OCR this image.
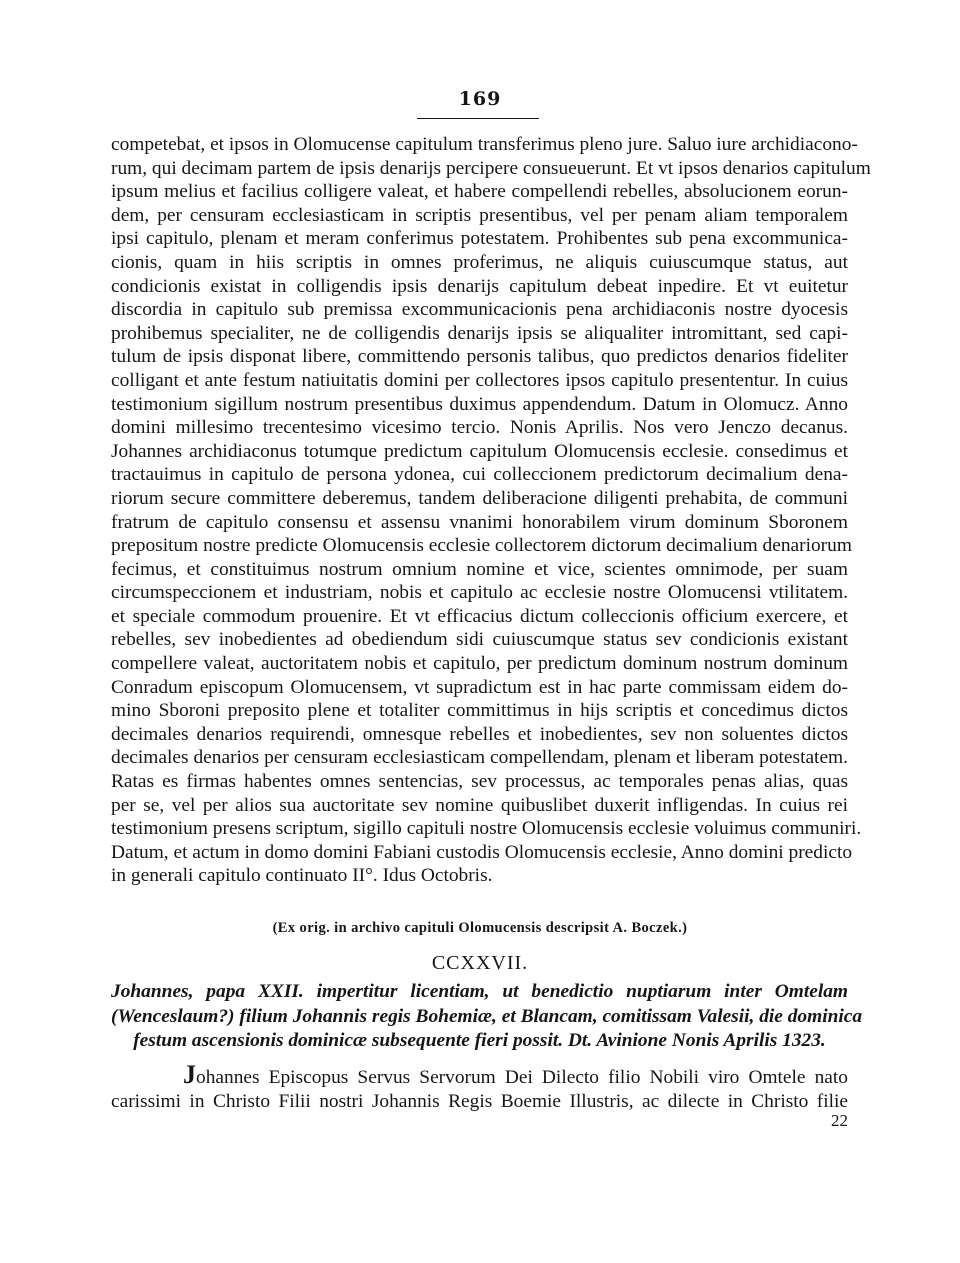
169
competebat, et ipsos in Olomucense capitulum transferimus pleno jure. Saluo iure archidiacono-
rum, qui decimam partem de ipsis denarijs percipere consueuerunt. Et vt ipsos denarios capitulum
ipsum melius et facilius colligere valeat, et habere compellendi rebelles, absolucionem eorun-
dem, per censuram ecclesiasticam in scriptis presentibus, vel per penam aliam temporalem
ipsi capitulo, plenam et meram conferimus potestatem. Prohibentes sub pena excommunica-
cionis, quam in hiis scriptis in omnes proferimus, ne aliquis cuiuscumque status, aut
condicionis existat in colligendis ipsis denarijs capitulum debeat inpedire. Et vt euitetur
discordia in capitulo sub premissa excommunicacionis pena archidiaconis nostre dyocesis
prohibemus specialiter, ne de colligendis denarijs ipsis se aliqualiter intromittant, sed capi-
tulum de ipsis disponat libere, committendo personis talibus, quo predictos denarios fideliter
colligant et ante festum natiuitatis domini per collectores ipsos capitulo presententur. In cuius
testimonium sigillum nostrum presentibus duximus appendendum. Datum in Olomucz. Anno
domini millesimo trecentesimo vicesimo tercio. Nonis Aprilis. Nos vero Jenczo decanus.
Johannes archidiaconus totumque predictum capitulum Olomucensis ecclesie. consedimus et
tractauimus in capitulo de persona ydonea, cui colleccionem predictorum decimalium dena-
riorum secure committere deberemus, tandem deliberacione diligenti prehabita, de communi
fratrum de capitulo consensu et assensu vnanimi honorabilem virum dominum Sboronem
prepositum nostre predicte Olomucensis ecclesie collectorem dictorum decimalium denariorum
fecimus, et constituimus nostrum omnium nomine et vice, scientes omnimode, per suam
circumspeccionem et industriam, nobis et capitulo ac ecclesie nostre Olomucensi vtilitatem.
et speciale commodum prouenire. Et vt efficacius dictum colleccionis officium exercere, et
rebelles, sev inobedientes ad obediendum sidi cuiuscumque status sev condicionis existant
compellere valeat, auctoritatem nobis et capitulo, per predictum dominum nostrum dominum
Conradum episcopum Olomucensem, vt supradictum est in hac parte commissam eidem do-
mino Sboroni preposito plene et totaliter committimus in hijs scriptis et concedimus dictos
decimales denarios requirendi, omnesque rebelles et inobedientes, sev non soluentes dictos
decimales denarios per censuram ecclesiasticam compellendam, plenam et liberam potestatem.
Ratas es firmas habentes omnes sentencias, sev processus, ac temporales penas alias, quas
per se, vel per alios sua auctoritate sev nomine quibuslibet duxerit infligendas. In cuius rei
testimonium presens scriptum, sigillo capituli nostre Olomucensis ecclesie voluimus communiri.
Datum, et actum in domo domini Fabiani custodis Olomucensis ecclesie, Anno domini predicto
in generali capitulo continuato II°. Idus Octobris.
(Ex orig. in archivo capituli Olomucensis descripsit A. Boczek.)
CCXXVII.
Johannes, papa XXII. impertitur licentiam, ut benedictio nuptiarum inter Omtelam
(Wenceslaum?) filium Johannis regis Bohemiæ, et Blancam, comitissam Valesii, die dominica
festum ascensionis dominicæ subsequente fieri possit. Dt. Avinione Nonis Aprilis 1323.
Johannes Episcopus Servus Servorum Dei Dilecto filio Nobili viro Omtele nato
carissimi in Christo Filii nostri Johannis Regis Boemie Illustris, ac dilecte in Christo filie
22
